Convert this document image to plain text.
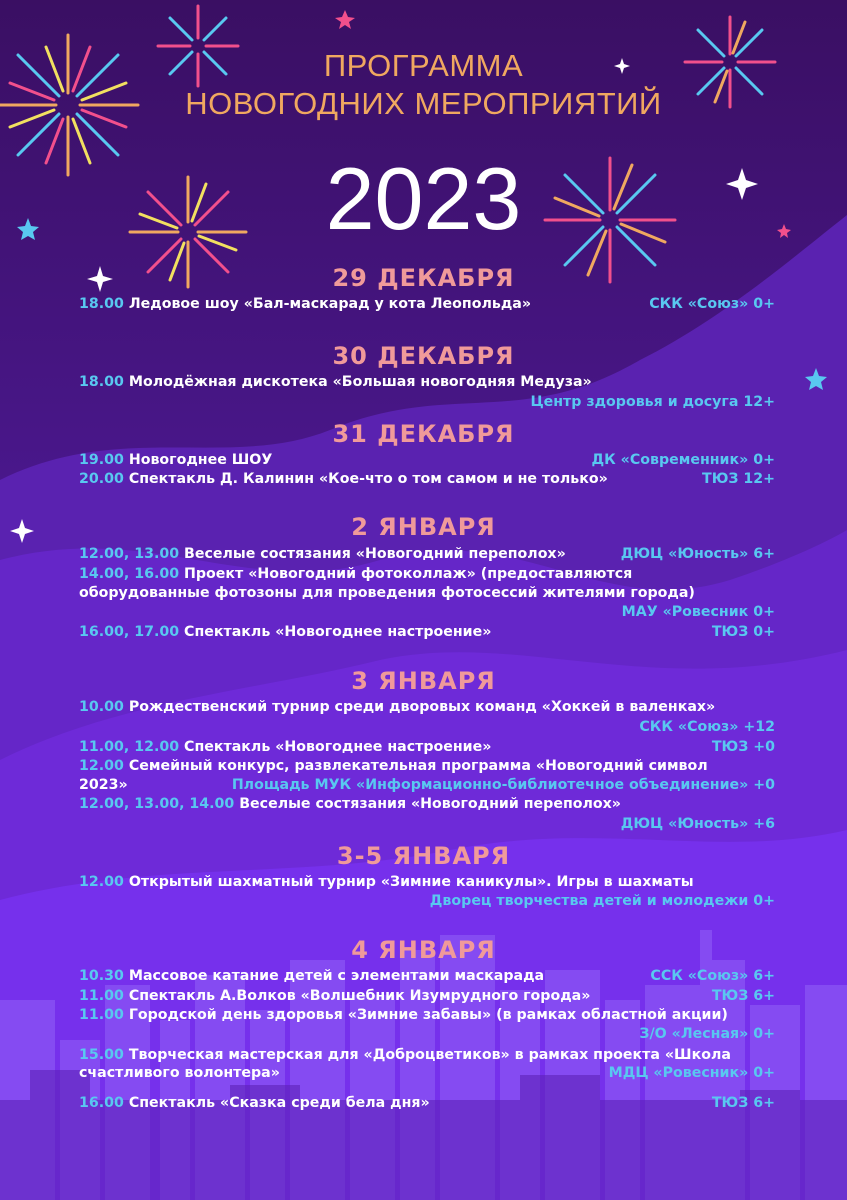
ПРОГРАММА
НОВОГОДНИХ МЕРОПРИЯТИЙ
2023
29 ДЕКАБРЯ
18.00 Ледовое шоу «Бал-маскарад у кота Леопольда»	СКК «Союз» 0+
30 ДЕКАБРЯ
18.00 Молодёжная дискотека «Большая новогодняя Медуза»
Центр здоровья и досуга 12+
31 ДЕКАБРЯ
19.00 Новогоднее ШОУ	ДК «Современник» 0+
20.00 Спектакль Д. Калинин «Кое-что о том самом и не только»	ТЮЗ 12+
2 ЯНВАРЯ
12.00, 13.00 Веселые состязания «Новогодний переполох»	ДЮЦ «Юность» 6+
14.00, 16.00 Проект «Новогодний фотоколлаж» (предоставляются
оборудованные фотозоны для проведения фотосессий жителями города)
МАУ «Ровесник 0+
16.00, 17.00 Спектакль «Новогоднее настроение»	ТЮЗ 0+
3 ЯНВАРЯ
10.00 Рождественский турнир среди дворовых команд «Хоккей в валенках»
СКК «Союз» +12
11.00, 12.00 Спектакль «Новогоднее настроение»	ТЮЗ +0
12.00 Семейный конкурс, развлекательная программа «Новогодний символ
2023»	Площадь МУК «Информационно-библиотечное объединение» +0
12.00, 13.00, 14.00 Веселые состязания «Новогодний переполох»
ДЮЦ «Юность» +6
3-5 ЯНВАРЯ
12.00 Открытый шахматный турнир «Зимние каникулы». Игры в шахматы
Дворец творчества детей и молодежи 0+
4 ЯНВАРЯ
10.30 Массовое катание детей с элементами маскарада	ССК «Союз» 6+
11.00 Спектакль А.Волков «Волшебник Изумрудного города»	ТЮЗ 6+
11.00 Городской день здоровья «Зимние забавы» (в рамках областной акции)
З/О «Лесная» 0+
15.00 Творческая мастерская для «Доброцветиков» в рамках проекта «Школа
счастливого волонтера»	МДЦ «Ровесник» 0+
16.00 Спектакль «Сказка среди бела дня»	ТЮЗ 6+
